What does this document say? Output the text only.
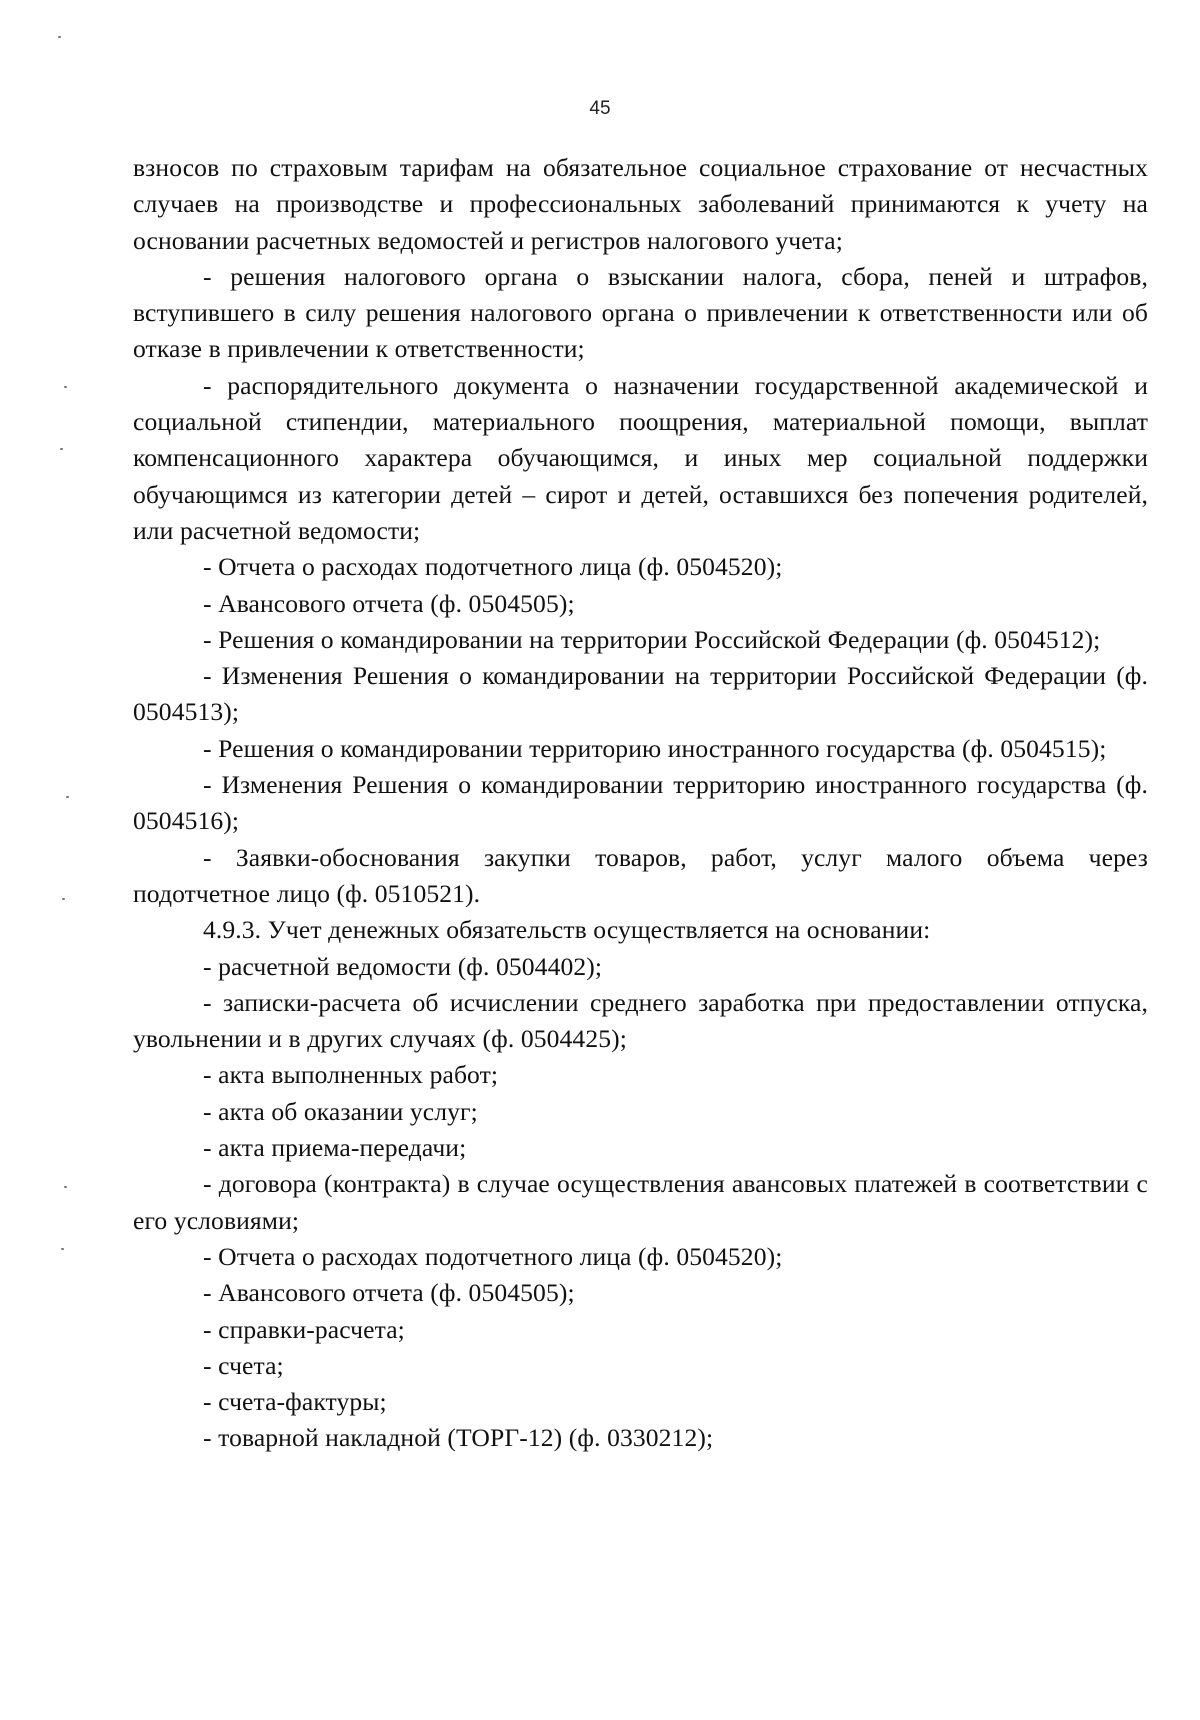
45

взносов по страховым тарифам на обязательное социальное страхование от несчастных случаев на производстве и профессиональных заболеваний принимаются к учету на основании расчетных ведомостей и регистров налогового учета;

- решения налогового органа о взыскании налога, сбора, пеней и штрафов, вступившего в силу решения налогового органа о привлечении к ответственности или об отказе в привлечении к ответственности;

- распорядительного документа о назначении государственной академической и социальной стипендии, материального поощрения, материальной помощи, выплат компенсационного характера обучающимся, и иных мер социальной поддержки обучающимся из категории детей – сирот и детей, оставшихся без попечения родителей, или расчетной ведомости;

- Отчета о расходах подотчетного лица (ф. 0504520);

- Авансового отчета (ф. 0504505);

- Решения о командировании на территории Российской Федерации (ф. 0504512);

- Изменения Решения о командировании на территории Российской Федерации (ф. 0504513);

- Решения о командировании территорию иностранного государства (ф. 0504515);

- Изменения Решения о командировании территорию иностранного государства (ф. 0504516);

- Заявки-обоснования закупки товаров, работ, услуг малого объема через подотчетное лицо (ф. 0510521).

4.9.3. Учет денежных обязательств осуществляется на основании:

- расчетной ведомости (ф. 0504402);

- записки-расчета об исчислении среднего заработка при предоставлении отпуска, увольнении и в других случаях (ф. 0504425);

- акта выполненных работ;

- акта об оказании услуг;

- акта приема-передачи;

- договора (контракта) в случае осуществления авансовых платежей в соответствии с его условиями;

- Отчета о расходах подотчетного лица (ф. 0504520);

- Авансового отчета (ф. 0504505);

- справки-расчета;

- счета;

- счета-фактуры;

- товарной накладной (ТОРГ-12) (ф. 0330212);
